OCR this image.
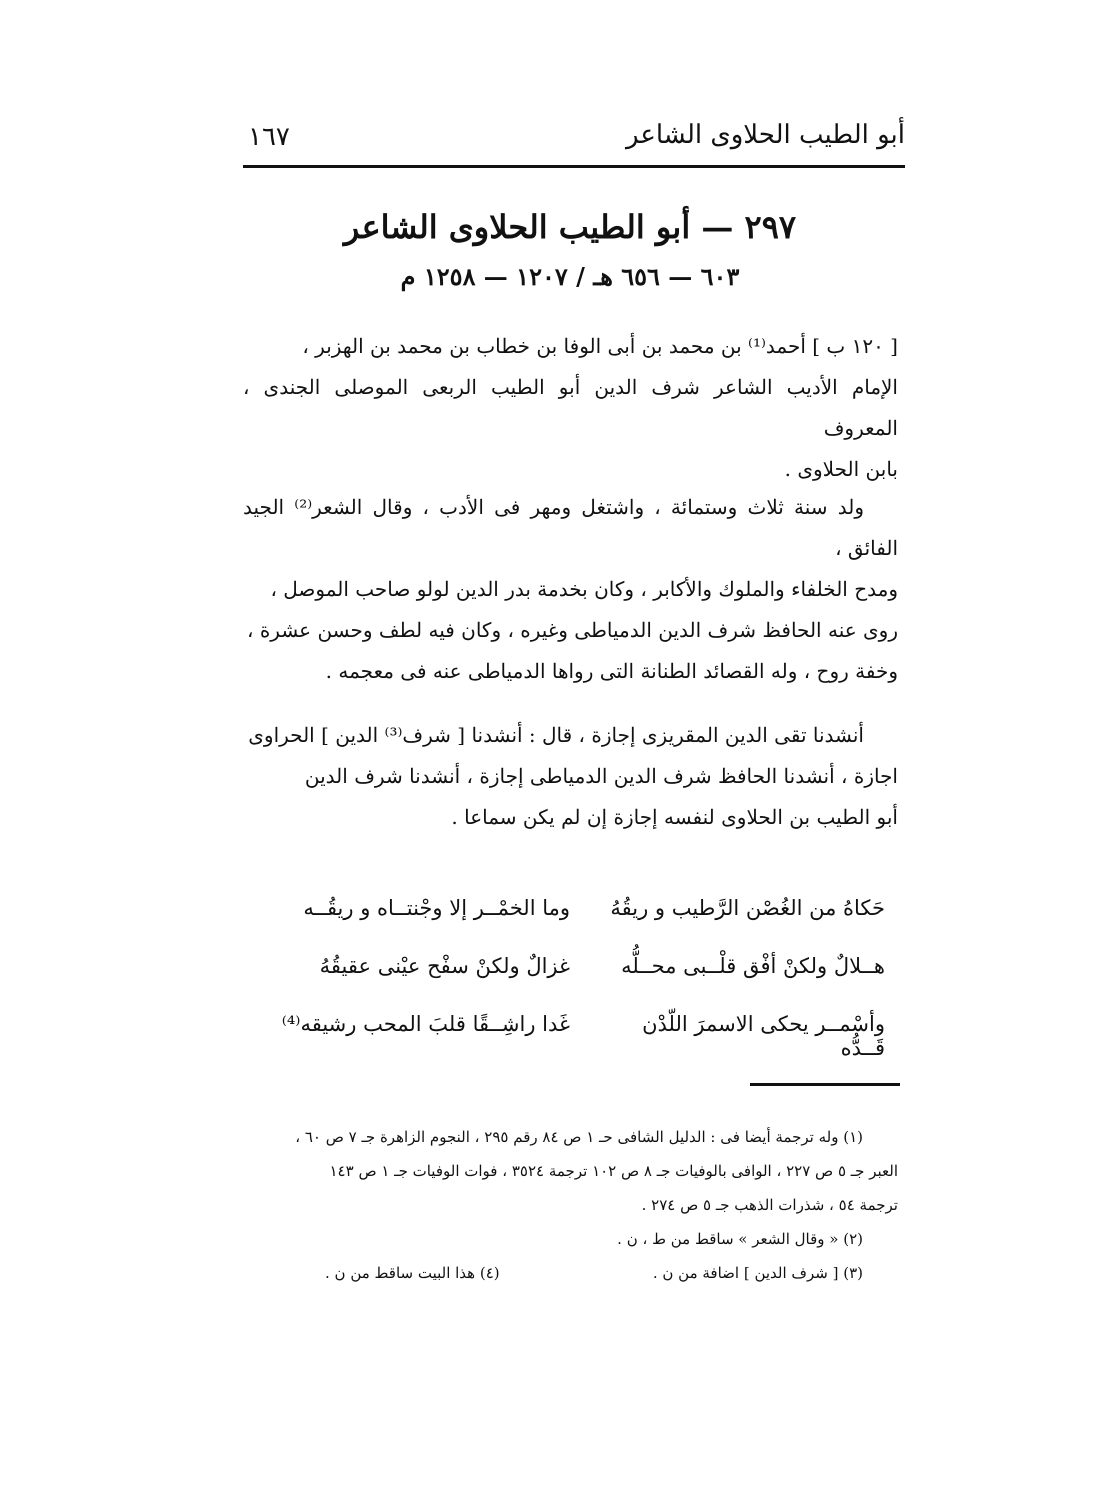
١٦٧	أبو الطيب الحلاوى الشاعر
٢٩٧ — أبو الطيب الحلاوى الشاعر
٦٠٣ — ٦٥٦ هـ / ١٢٠٧ — ١٢٥٨ م

[ ١٢٠ ب ] أحمد⁽¹⁾ بن محمد بن أبى الوفا بن خطاب بن محمد بن الهزبر ،

الإمام الأديب الشاعر شرف الدين أبو الطيب الربعى الموصلى الجندى ، المعروف

بابن الحلاوى .

ولد سنة ثلاث وستمائة ، واشتغل ومهر فى الأدب ، وقال الشعر⁽²⁾ الجيد الفائق ،

ومدح الخلفاء والملوك والأكابر ، وكان بخدمة بدر الدين لولو صاحب الموصل ،

روى عنه الحافظ شرف الدين الدمياطى وغيره ، وكان فيه لطف وحسن عشرة ،

وخفة روح ، وله القصائد الطنانة التى رواها الدمياطى عنه فى معجمه .

أنشدنا تقى الدين المقريزى إجازة ، قال : أنشدنا [ شرف⁽³⁾ الدين ] الحراوى

اجازة ، أنشدنا الحافظ شرف الدين الدمياطى إجازة ، أنشدنا شرف الدين

أبو الطيب بن الحلاوى لنفسه إجازة إن لم يكن سماعا .

حَكاهُ من الغُصْن الرَّطيب و ريقُهُ
وما الخمْــر إلا وجْنتــاه و ريقُــه
هــلالٌ ولكنْ أفْق قلْــبى محــلُّه
غزالٌ ولكنْ سفْح عيْنى عقيقُهُ
وأسْمــر يحكى الاسمرَ اللّدْن قَــدُّه
غَدا راشِــقًا قلبَ المحب رشيقه⁽⁴⁾

(١) وله ترجمة أيضا فى : الدليل الشافى حـ ١ ص ٨٤ رقم ٢٩٥ ، النجوم الزاهرة جـ ٧ ص ٦٠ ،

العبر جـ ٥ ص ٢٢٧ ، الوافى بالوفيات جـ ٨ ص ١٠٢ ترجمة ٣٥٢٤ ، فوات الوفيات جـ ١ ص ١٤٣

ترجمة ٥٤ ، شذرات الذهب جـ ٥ ص ٢٧٤ .

(٢) « وقال الشعر » ساقط من ط ، ن .

(٣) [ شرف الدين ] اضافة من ن .
(٤) هذا البيت ساقط من ن .
